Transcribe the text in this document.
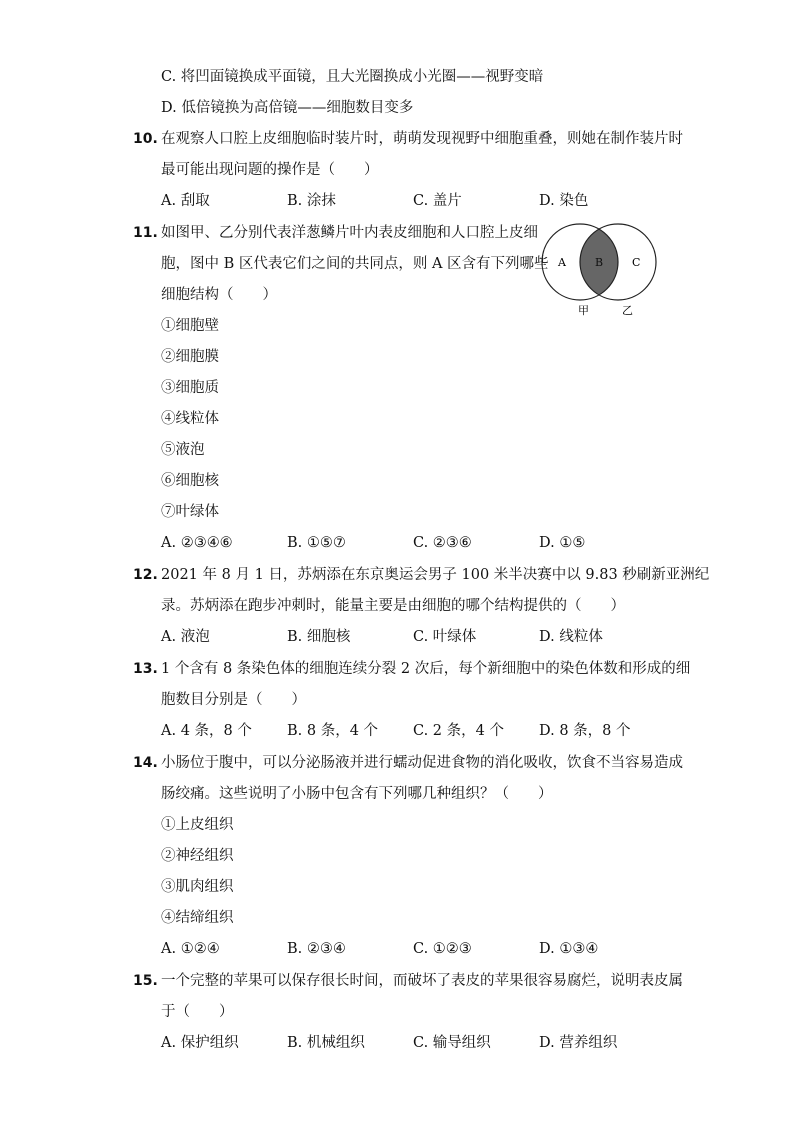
C. 将凹面镜换成平面镜，且大光圈换成小光圈——视野变暗
D. 低倍镜换为高倍镜——细胞数目变多
10. 在观察人口腔上皮细胞临时装片时，萌萌发现视野中细胞重叠，则她在制作装片时
最可能出现问题的操作是（　　）
A. 刮取	B. 涂抹	C. 盖片	D. 染色
11. 如图甲、乙分别代表洋葱鳞片叶内表皮细胞和人口腔上皮细
胞，图中 B 区代表它们之间的共同点，则 A 区含有下列哪些
细胞结构（　　）
①细胞壁
②细胞膜
③细胞质
④线粒体
⑤液泡
⑥细胞核
⑦叶绿体
A. ②③④⑥	B. ①⑤⑦	C. ②③⑥	D. ①⑤
A	B	C
甲	乙
12. 2021 年 8 月 1 日，苏炳添在东京奥运会男子 100 米半决赛中以 9.83 秒刷新亚洲纪
录。苏炳添在跑步冲刺时，能量主要是由细胞的哪个结构提供的（　　）
A. 液泡	B. 细胞核	C. 叶绿体	D. 线粒体
13. 1 个含有 8 条染色体的细胞连续分裂 2 次后，每个新细胞中的染色体数和形成的细
胞数目分别是（　　）
A. 4 条，8 个 B. 8 条，4 个 C. 2 条，4 个 D. 8 条，8 个
14. 小肠位于腹中，可以分泌肠液并进行蠕动促进食物的消化吸收，饮食不当容易造成
肠绞痛。这些说明了小肠中包含有下列哪几种组织？（　　）
①上皮组织
②神经组织
③肌肉组织
④结缔组织
A. ①②④	B. ②③④	C. ①②③	D. ①③④
15. 一个完整的苹果可以保存很长时间，而破坏了表皮的苹果很容易腐烂，说明表皮属
于（　　）
A. 保护组织	B. 机械组织	C. 输导组织	D. 营养组织
